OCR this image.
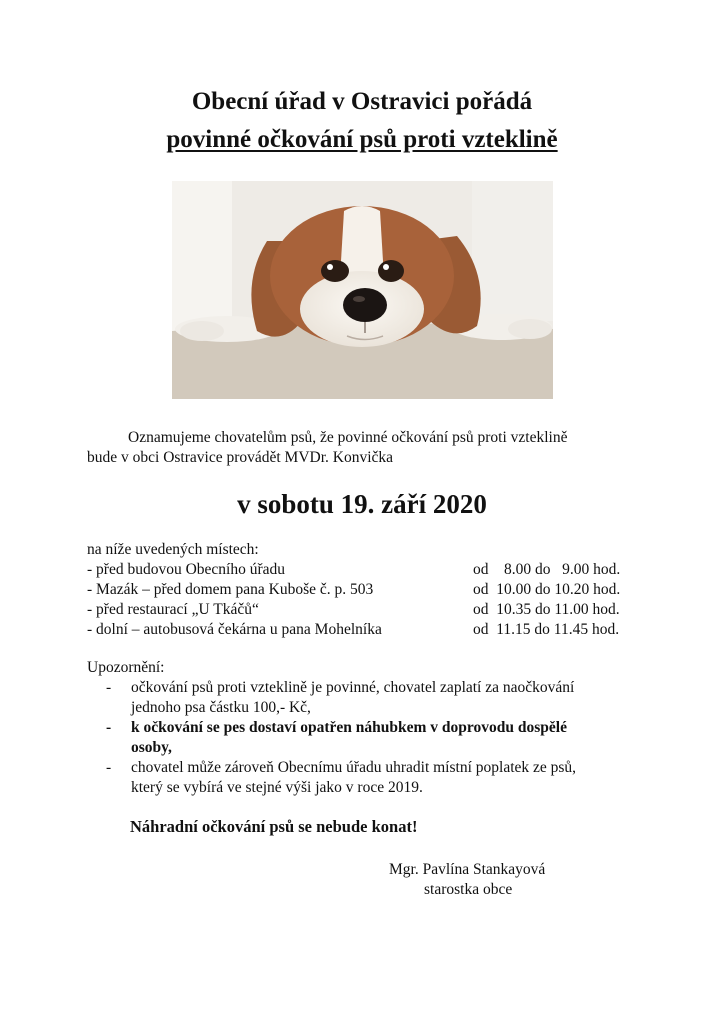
Obecní úřad v Ostravici pořádá
povinné očkování psů proti vzteklině
Oznamujeme chovatelům psů, že povinné očkování psů proti vzteklině
bude v obci Ostravice provádět MVDr. Konvička
v sobotu 19. září 2020
na níže uvedených místech:
- před budovou Obecního úřadu	od    8.00 do   9.00 hod.
- Mazák – před domem pana Kuboše č. p. 503	od  10.00 do 10.20 hod.
- před restaurací „U Tkáčů“	od  10.35 do 11.00 hod.
- dolní – autobusová čekárna u pana Mohelníka	od  11.15 do 11.45 hod.
Upozornění:
- očkování psů proti vzteklině je povinné, chovatel zaplatí za naočkování
jednoho psa částku 100,- Kč,
- k očkování se pes dostaví opatřen náhubkem v doprovodu dospělé
osoby,
- chovatel může zároveň Obecnímu úřadu uhradit místní poplatek ze psů,
který se vybírá ve stejné výši jako v roce 2019.
Náhradní očkování psů se nebude konat!
Mgr. Pavlína Stankayová
starostka obce
